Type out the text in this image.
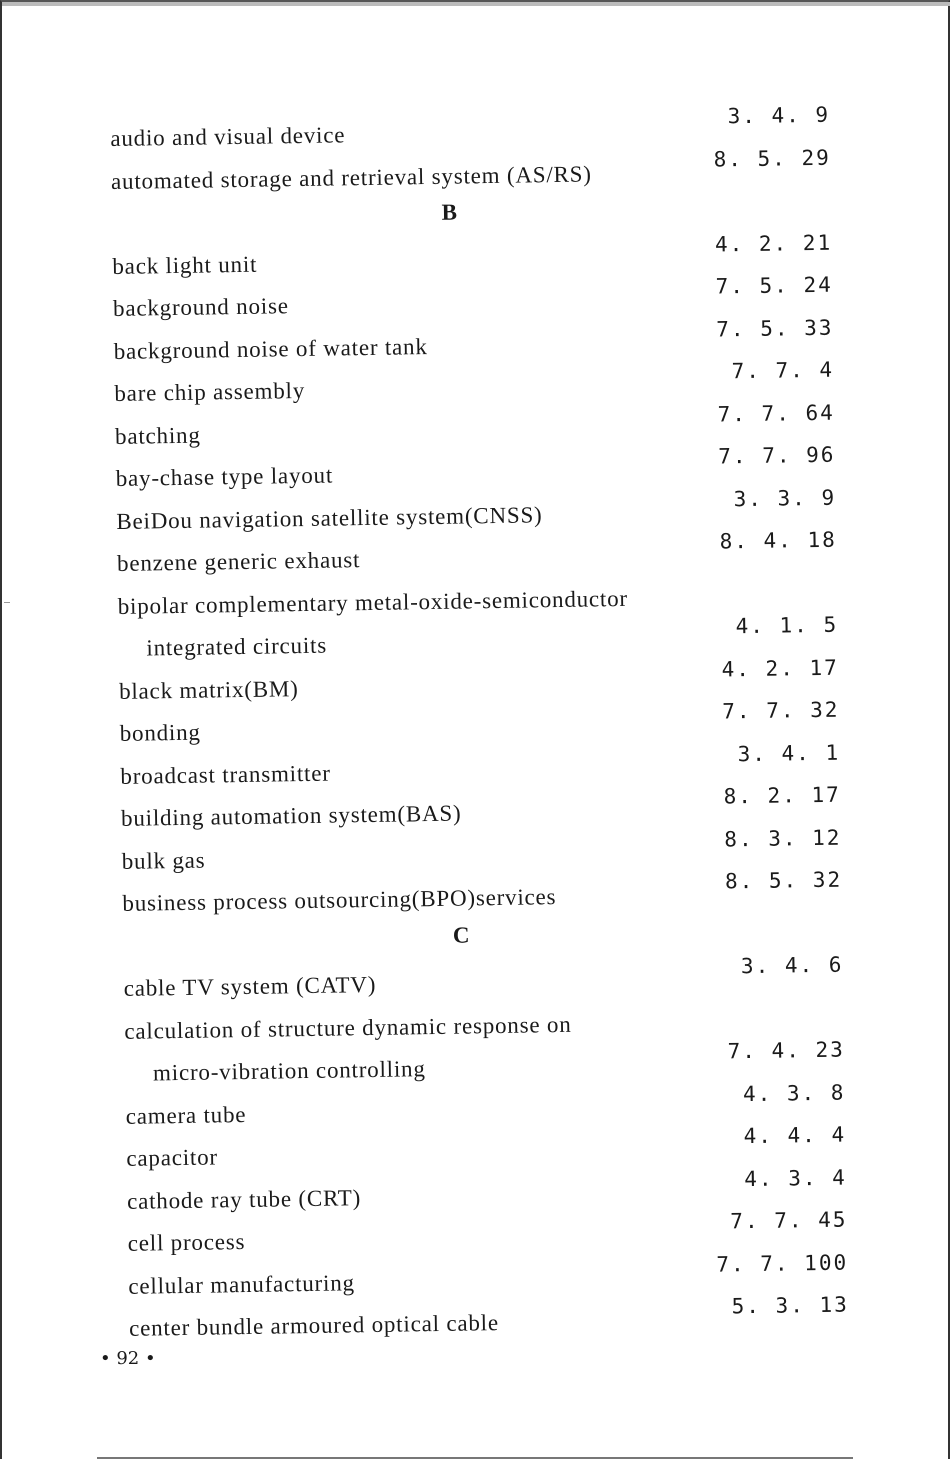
audio and visual device
3. 4. 9
automated storage and retrieval system (AS/RS)
8. 5. 29
B
back light unit
4. 2. 21
background noise
7. 5. 24
background noise of water tank
7. 5. 33
bare chip assembly
7. 7. 4
batching
7. 7. 64
bay-chase type layout
7. 7. 96
BeiDou navigation satellite system(CNSS)
3. 3. 9
benzene generic exhaust
8. 4. 18
bipolar complementary metal-oxide-semiconductor
integrated circuits
4. 1. 5
black matrix(BM)
4. 2. 17
bonding
7. 7. 32
broadcast transmitter
3. 4. 1
building automation system(BAS)
8. 2. 17
bulk gas
8. 3. 12
business process outsourcing(BPO)services
8. 5. 32
C
cable TV system (CATV)
3. 4. 6
calculation of structure dynamic response on
micro-vibration controlling
7. 4. 23
camera tube
4. 3. 8
capacitor
4. 4. 4
cathode ray tube (CRT)
4. 3. 4
cell process
7. 7. 45
cellular manufacturing
7. 7. 100
center bundle armoured optical cable
5. 3. 13
• 92 •
